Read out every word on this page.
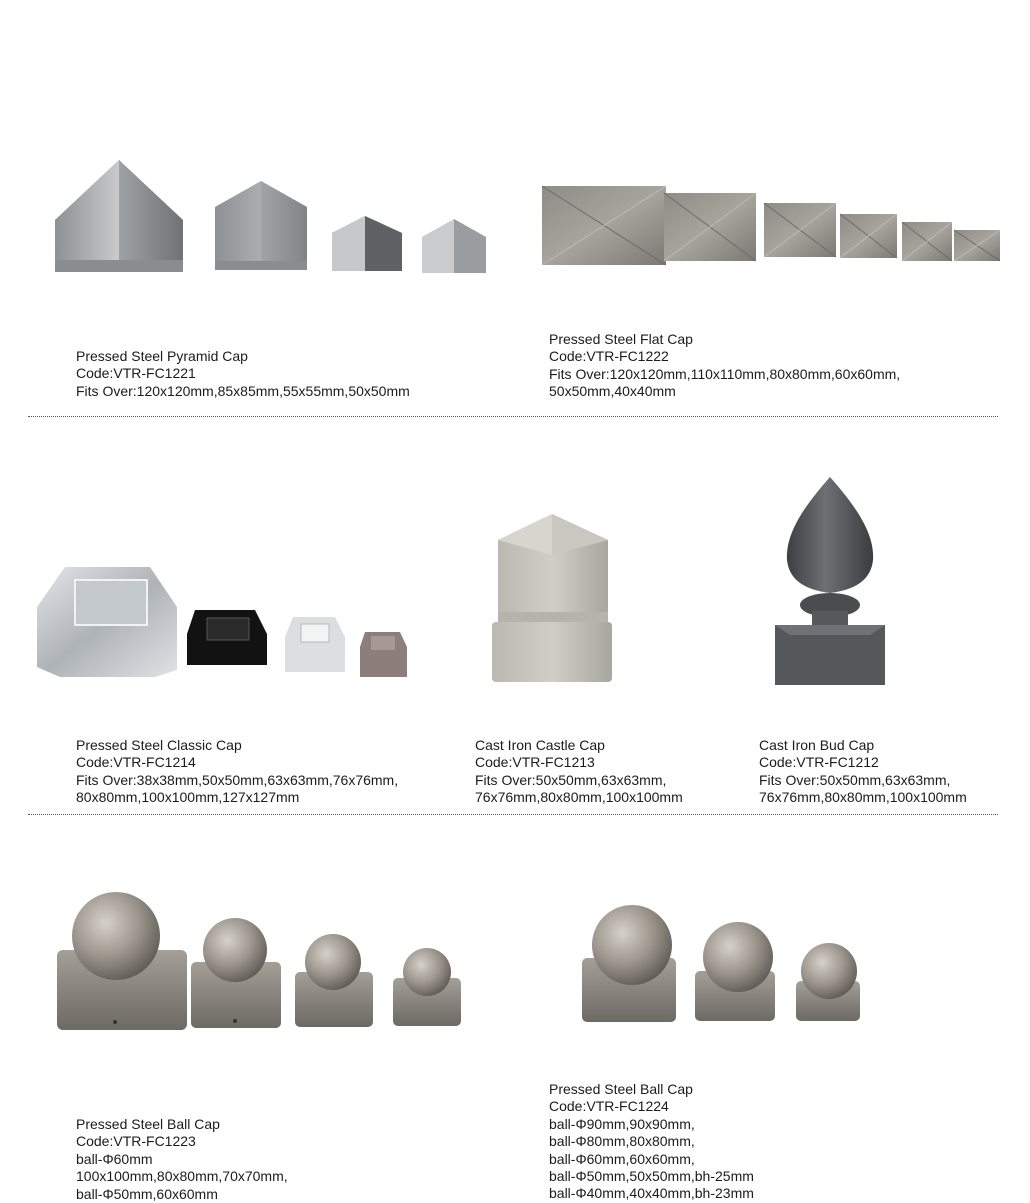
Pressed Steel Pyramid Cap
Code:VTR-FC1221
Fits Over:120x120mm,85x85mm,55x55mm,50x50mm
Pressed Steel Flat Cap
Code:VTR-FC1222
Fits Over:120x120mm,110x110mm,80x80mm,60x60mm,
50x50mm,40x40mm
Pressed Steel Classic Cap
Code:VTR-FC1214
Fits Over:38x38mm,50x50mm,63x63mm,76x76mm,
80x80mm,100x100mm,127x127mm
Cast Iron Castle Cap
Code:VTR-FC1213
Fits Over:50x50mm,63x63mm,
76x76mm,80x80mm,100x100mm
Cast Iron Bud Cap
Code:VTR-FC1212
Fits Over:50x50mm,63x63mm,
76x76mm,80x80mm,100x100mm
Pressed Steel Ball Cap
Code:VTR-FC1224
ball-Φ90mm,90x90mm,
ball-Φ80mm,80x80mm,
ball-Φ60mm,60x60mm,
ball-Φ50mm,50x50mm,bh-25mm
ball-Φ40mm,40x40mm,bh-23mm
Pressed Steel Ball Cap
Code:VTR-FC1223
ball-Φ60mm
100x100mm,80x80mm,70x70mm,
ball-Φ50mm,60x60mm
